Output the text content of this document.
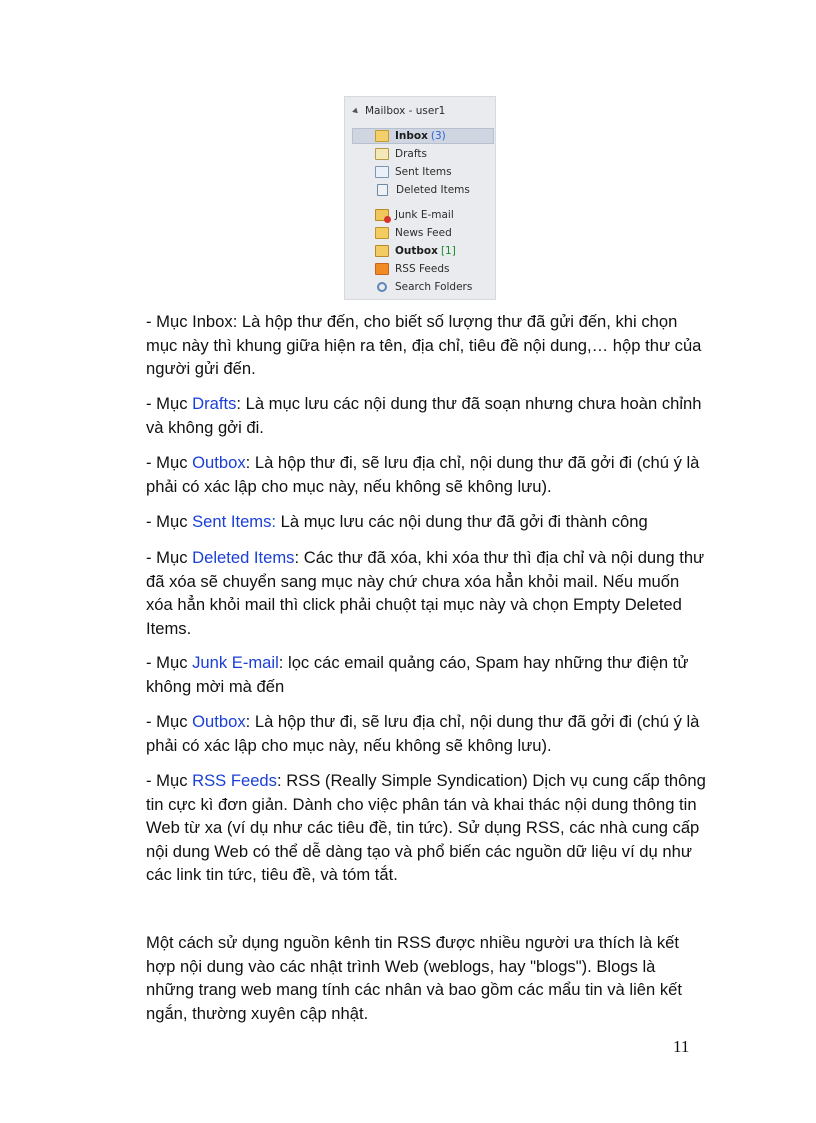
Mailbox - user1
Inbox (3)
Drafts
Sent Items
Deleted Items
Junk E-mail
News Feed
Outbox [1]
RSS Feeds
Search Folders

- Mục Inbox: Là hộp thư đến, cho biết số lượng thư đã gửi đến, khi chọn mục này thì khung giữa hiện ra tên, địa chỉ, tiêu đề nội dung,… hộp thư của người gửi đến.

- Mục Drafts: Là mục lưu các nội dung thư đã soạn nhưng chưa hoàn chỉnh và không gởi đi.

- Mục Outbox: Là hộp thư đi, sẽ lưu địa chỉ, nội dung thư đã gởi đi (chú ý là phải có xác lập cho mục này, nếu không sẽ không lưu).

- Mục Sent Items: Là mục lưu các nội dung thư đã gởi đi thành công

- Mục Deleted Items: Các thư đã xóa, khi xóa thư thì địa chỉ và nội dung thư đã xóa sẽ chuyển sang mục này chứ chưa xóa hẳn khỏi mail. Nếu muốn xóa hẳn khỏi mail thì click phải chuột tại mục này và chọn Empty Deleted Items.

- Mục Junk E-mail: lọc các email quảng cáo, Spam hay những thư điện tử không mời mà đến

- Mục Outbox: Là hộp thư đi, sẽ lưu địa chỉ, nội dung thư đã gởi đi (chú ý là phải có xác lập cho mục này, nếu không sẽ không lưu).

- Mục RSS Feeds: RSS (Really Simple Syndication) Dịch vụ cung cấp thông tin cực kì đơn giản. Dành cho việc phân tán và khai thác nội dung thông tin Web từ xa (ví dụ như các tiêu đề, tin tức). Sử dụng RSS, các nhà cung cấp nội dung Web có thể dễ dàng tạo và phổ biến các nguồn dữ liệu ví dụ như các link tin tức, tiêu đề, và tóm tắt.

Một cách sử dụng nguồn kênh tin RSS được nhiều người ưa thích là kết hợp nội dung vào các nhật trình Web (weblogs, hay "blogs"). Blogs là những trang web mang tính các nhân và bao gồm các mẩu tin và liên kết ngắn, thường xuyên cập nhật.

11
